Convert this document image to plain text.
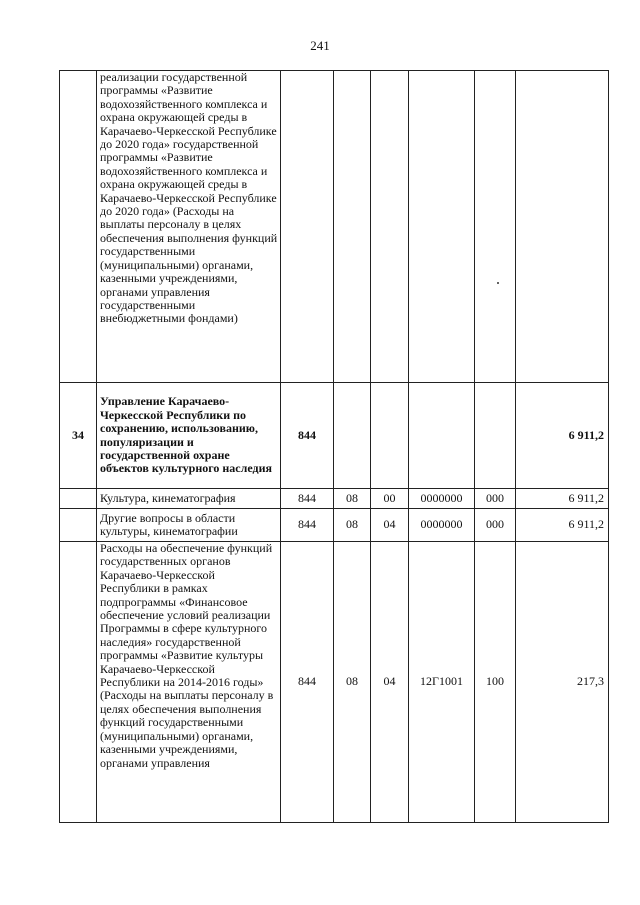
241
	реализации государственной программы «Развитие водохозяйственного комплекса и охрана окружающей среды в Карачаево-Черкесской Республике до 2020 года» государственной программы «Развитие водохозяйственного комплекса и охрана окружающей среды в Карачаево-Черкесской Республике до 2020 года» (Расходы на выплаты персоналу в целях обеспечения выполнения функций государственными (муниципальными) органами, казенными учреждениями, органами управления государственными внебюджетными фондами)						
34	Управление Карачаево-Черкесской Республики по сохранению, использованию, популяризации и государственной охране объектов культурного наследия	844					6 911,2
	Культура, кинематография	844	08	00	0000000	000	6 911,2
	Другие вопросы в области культуры, кинематографии	844	08	04	0000000	000	6 911,2
	Расходы на обеспечение функций государственных органов Карачаево-Черкесской Республики в рамках подпрограммы «Финансовое обеспечение условий реализации Программы в сфере культурного наследия» государственной программы «Развитие культуры Карачаево-Черкесской Республики на 2014-2016 годы» (Расходы на выплаты персоналу в целях обеспечения выполнения функций государственными (муниципальными) органами, казенными учреждениями, органами управления	844	08	04	12Г1001	100	217,3
